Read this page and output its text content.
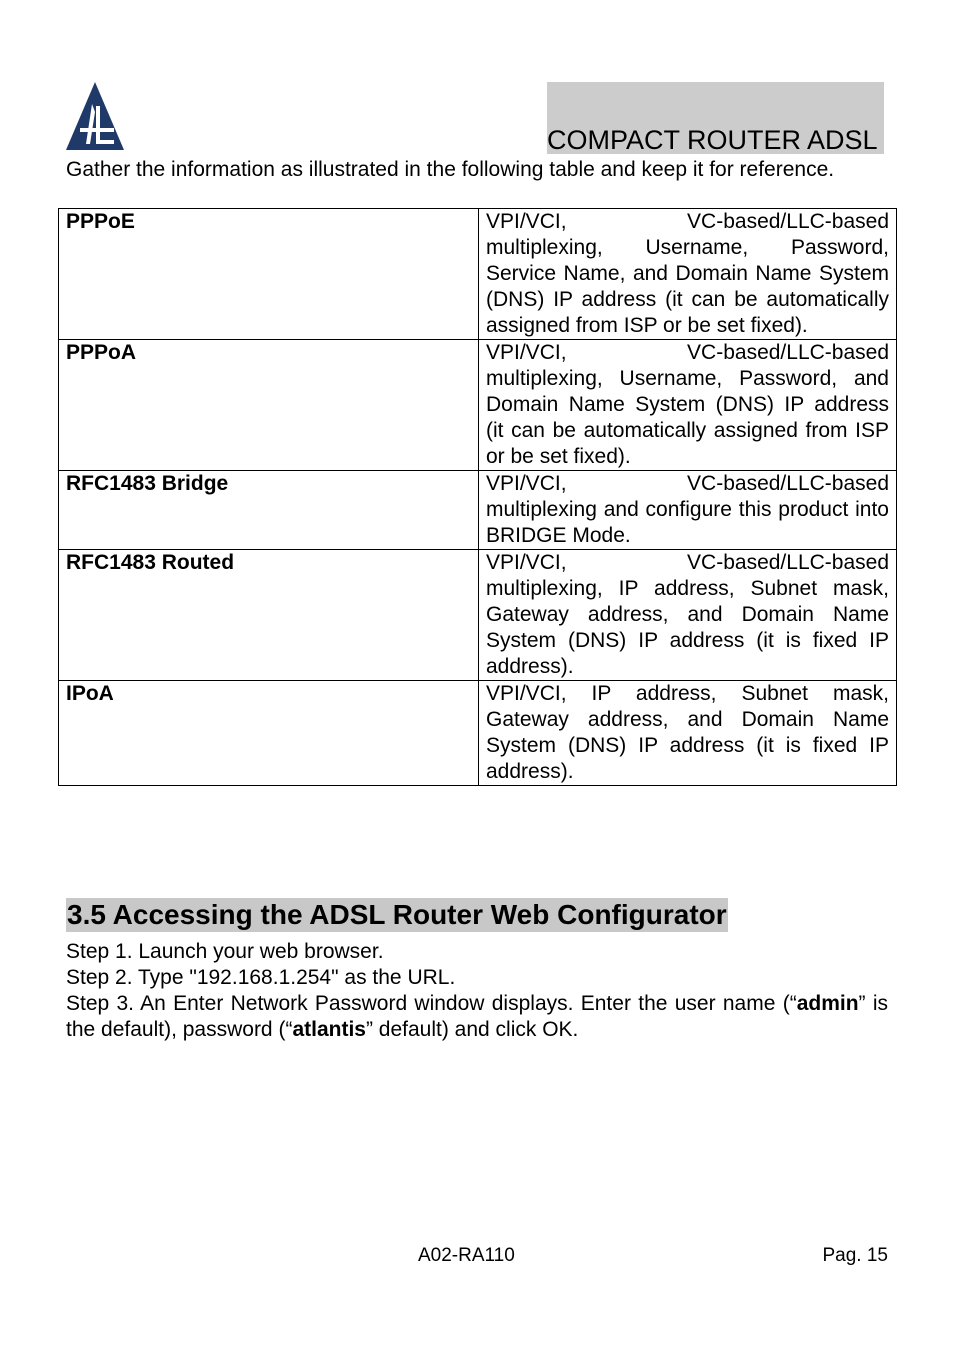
COMPACT ROUTER ADSL
Gather the information as illustrated in the following table and keep it for reference.
PPPoE	VPI/VCI, VC-based/LLC-based multiplexing, Username, Password, Service Name, and Domain Name System (DNS) IP address (it can be automatically assigned from ISP or be set fixed).
PPPoA	VPI/VCI, VC-based/LLC-based multiplexing, Username, Password, and Domain Name System (DNS) IP address (it can be automatically assigned from ISP or be set fixed).
RFC1483 Bridge	VPI/VCI, VC-based/LLC-based multiplexing and configure this product into BRIDGE Mode.
RFC1483 Routed	VPI/VCI, VC-based/LLC-based multiplexing, IP address, Subnet mask, Gateway address, and Domain Name System (DNS) IP address (it is fixed IP address).
IPoA	VPI/VCI, IP address, Subnet mask, Gateway address, and Domain Name System (DNS) IP address (it is fixed IP address).
3.5 Accessing the ADSL Router Web Configurator

Step 1. Launch your web browser.

Step 2. Type "192.168.1.254" as the URL.

Step 3. An Enter Network Password window displays. Enter the user name (“admin” is the default), password (“atlantis” default) and click OK.

A02-RA110	Pag. 15
